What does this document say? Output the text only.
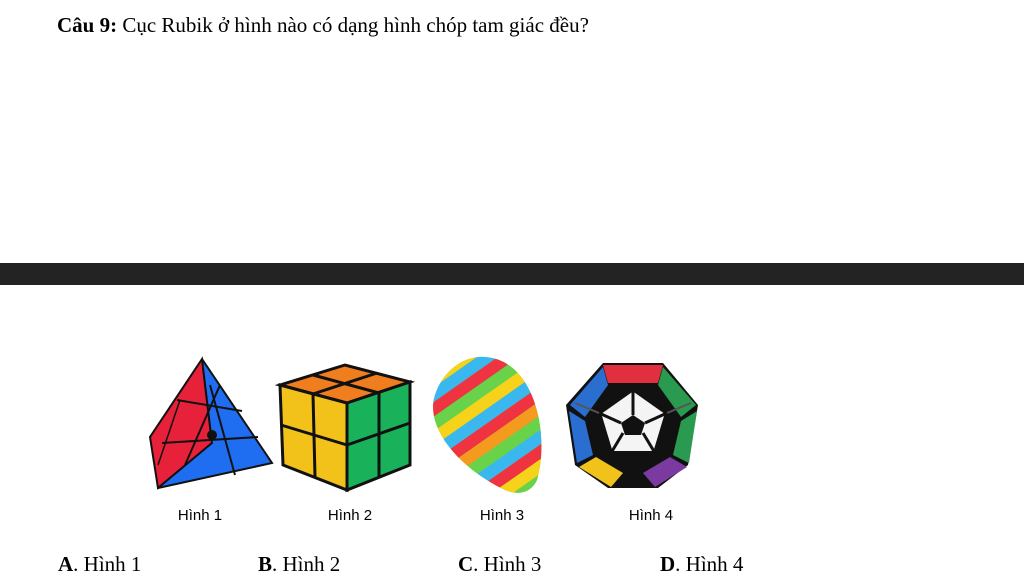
Câu 9: Cục Rubik ở hình nào có dạng hình chóp tam giác đều?
Hình 1	Hình 2	Hình 3	Hình 4
A. Hình 1	B. Hình 2	C. Hình 3	D. Hình 4
